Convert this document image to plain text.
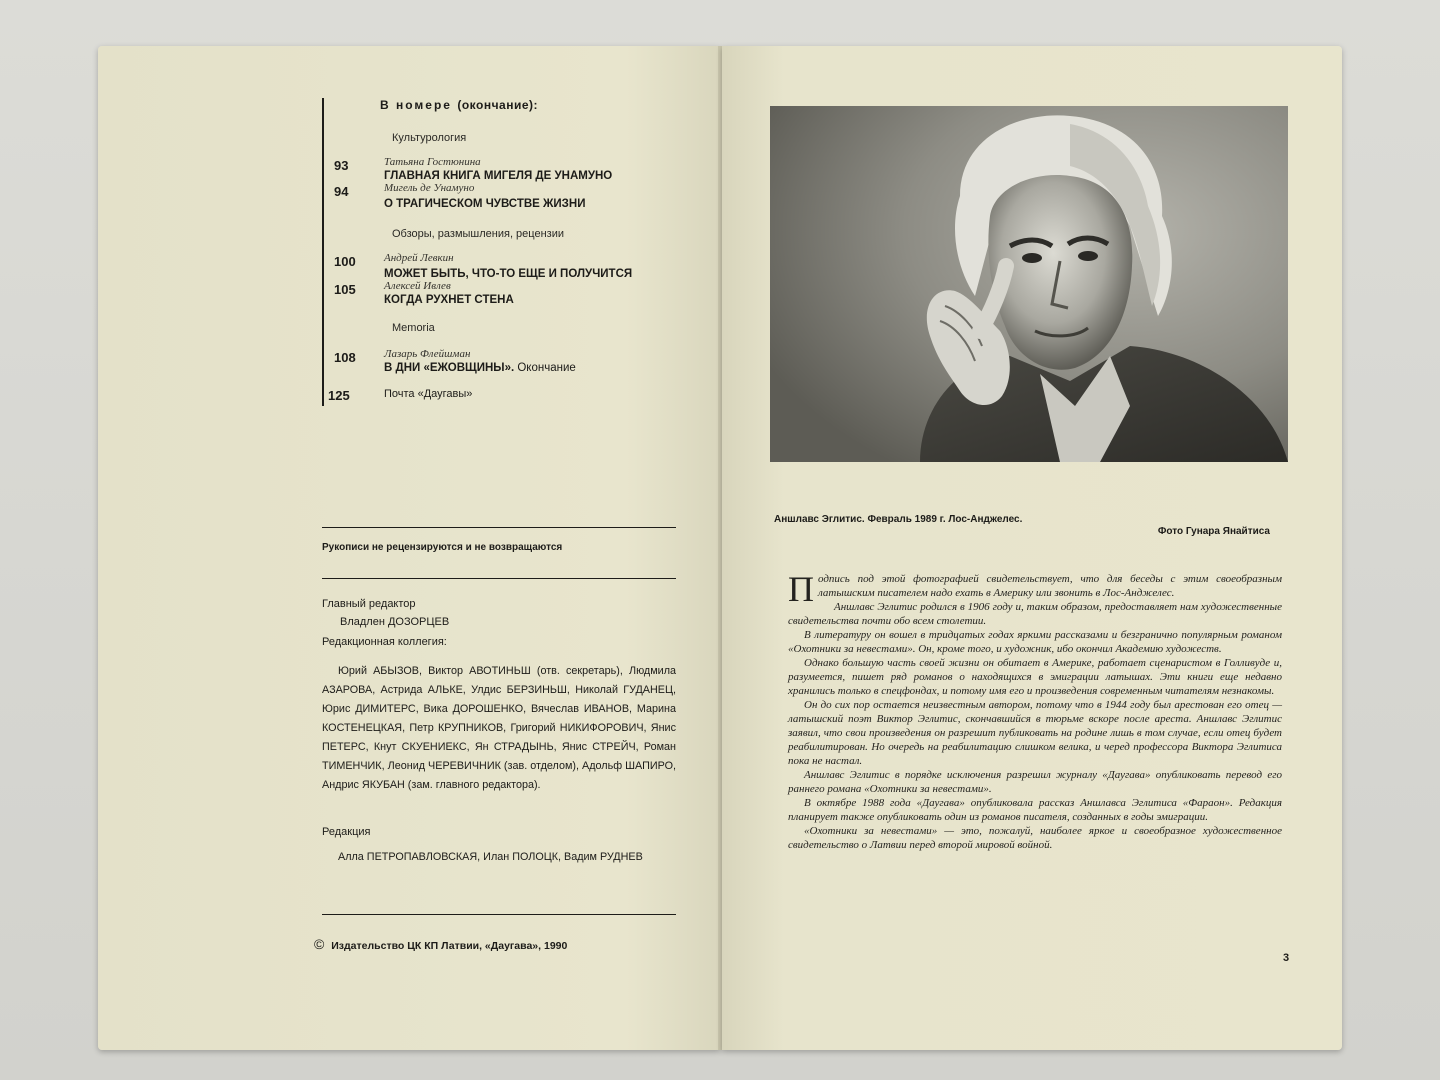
В номере (окончание):
Культурология
93	Татьяна Гостюнина
ГЛАВНАЯ КНИГА МИГЕЛЯ ДЕ УНАМУНО
94	Мигель де Унамуно
О ТРАГИЧЕСКОМ ЧУВСТВЕ ЖИЗНИ
Обзоры, размышления, рецензии
100	Андрей Левкин
МОЖЕТ БЫТЬ, ЧТО-ТО ЕЩЕ И ПОЛУЧИТСЯ
105	Алексей Ивлев
КОГДА РУХНЕТ СТЕНА
Memoria
108	Лазарь Флейшман
В ДНИ «ЕЖОВЩИНЫ». Окончание
125	Почта «Даугавы»
Рукописи не рецензируются и не возвращаются
Главный редактор
Владлен ДОЗОРЦЕВ
Редакционная коллегия:
Юрий АБЫЗОВ, Виктор АВОТИНЬШ (отв. секретарь), Людмила АЗАРОВА, Астрида АЛЬКЕ, Улдис БЕРЗИНЬШ, Николай ГУДАНЕЦ, Юрис ДИМИТЕРС, Вика ДОРОШЕНКО, Вячеслав ИВАНОВ, Марина КОСТЕНЕЦКАЯ, Петр КРУПНИКОВ, Григорий НИКИФОРОВИЧ, Янис ПЕТЕРС, Кнут СКУЕНИЕКС, Ян СТРАДЫНЬ, Янис СТРЕЙЧ, Роман ТИМЕНЧИК, Леонид ЧЕРЕВИЧНИК (зав. отделом), Адольф ШАПИРО, Андрис ЯКУБАН (зам. главного редактора).
Редакция
Алла ПЕТРОПАВЛОВСКАЯ, Илан ПОЛОЦК, Вадим РУДНЕВ
© Издательство ЦК КП Латвии, «Даугава», 1990
Аншлавс Эглитис. Февраль 1989 г. Лос-Анджелес.
Фото Гунара Янайтиса

Подпись под этой фотографией свидетельствует, что для беседы с этим своеобразным латышским писателем надо ехать в Америку или звонить в Лос-Анджелес.

Аншлавс Эглитис родился в 1906 году и, таким образом, предоставляет нам художественные свидетельства почти обо всем столетии.

В литературу он вошел в тридцатых годах яркими рассказами и безгранично популярным романом «Охотники за невестами». Он, кроме того, и художник, ибо окончил Академию художеств.

Однако большую часть своей жизни он обитает в Америке, работает сценаристом в Голливуде и, разумеется, пишет ряд романов о находящихся в эмиграции латышах. Эти книги еще недавно хранились только в спецфондах, и потому имя его и произведения современным читателям незнакомы.

Он до сих пор остается неизвестным автором, потому что в 1944 году был арестован его отец — латышский поэт Виктор Эглитис, скончавшийся в тюрьме вскоре после ареста. Аншлавс Эглитис заявил, что свои произведения он разрешит публиковать на родине лишь в том случае, если отец будет реабилитирован. Но очередь на реабилитацию слишком велика, и черед профессора Виктора Эглитиса пока не настал.

Аншлавс Эглитис в порядке исключения разрешил журналу «Даугава» опубликовать перевод его раннего романа «Охотники за невестами».

В октябре 1988 года «Даугава» опубликовала рассказ Аншлавса Эглитиса «Фараон». Редакция планирует также опубликовать один из романов писателя, созданных в годы эмиграции.

«Охотники за невестами» — это, пожалуй, наиболее яркое и своеобразное художественное свидетельство о Латвии перед второй мировой войной.

3
